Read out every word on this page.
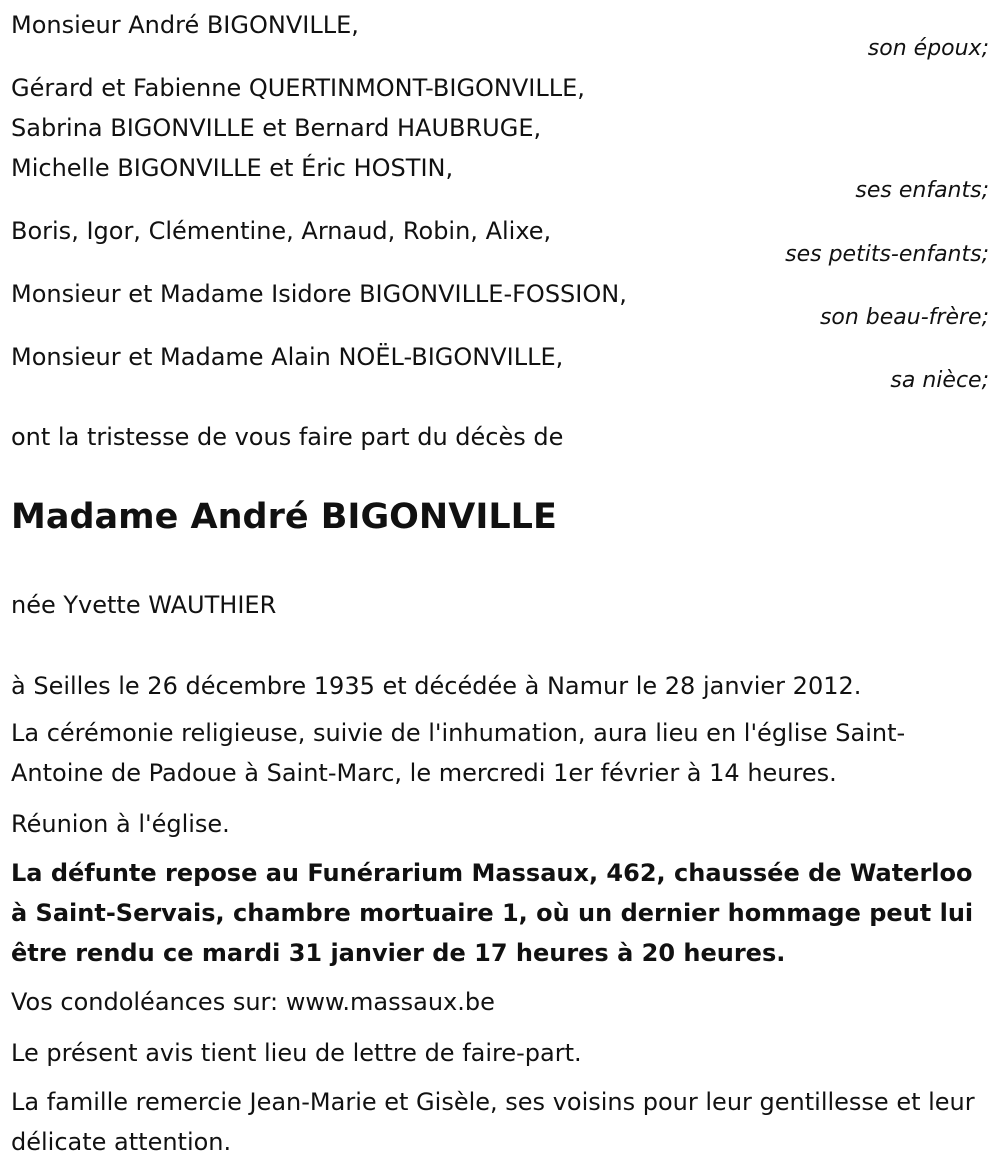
Monsieur André BIGONVILLE,
son époux;
Gérard et Fabienne QUERTINMONT-BIGONVILLE,
Sabrina BIGONVILLE et Bernard HAUBRUGE,
Michelle BIGONVILLE et Éric HOSTIN,
ses enfants;
Boris, Igor, Clémentine, Arnaud, Robin, Alixe,
ses petits-enfants;
Monsieur et Madame Isidore BIGONVILLE-FOSSION,
son beau-frère;
Monsieur et Madame Alain NOËL-BIGONVILLE,
sa nièce;
ont la tristesse de vous faire part du décès de
Madame André BIGONVILLE
née Yvette WAUTHIER
à Seilles le 26 décembre 1935 et décédée à Namur le 28 janvier 2012.
La cérémonie religieuse, suivie de l'inhumation, aura lieu en l'église Saint-Antoine de Padoue à Saint-Marc, le mercredi 1er février à 14 heures.
Réunion à l'église.
La défunte repose au Funérarium Massaux, 462, chaussée de Waterloo à Saint-Servais, chambre mortuaire 1, où un dernier hommage peut lui être rendu ce mardi 31 janvier de 17 heures à 20 heures.
Vos condoléances sur: www.massaux.be
Le présent avis tient lieu de lettre de faire-part.
La famille remercie Jean-Marie et Gisèle, ses voisins pour leur gentillesse et leur délicate attention.
